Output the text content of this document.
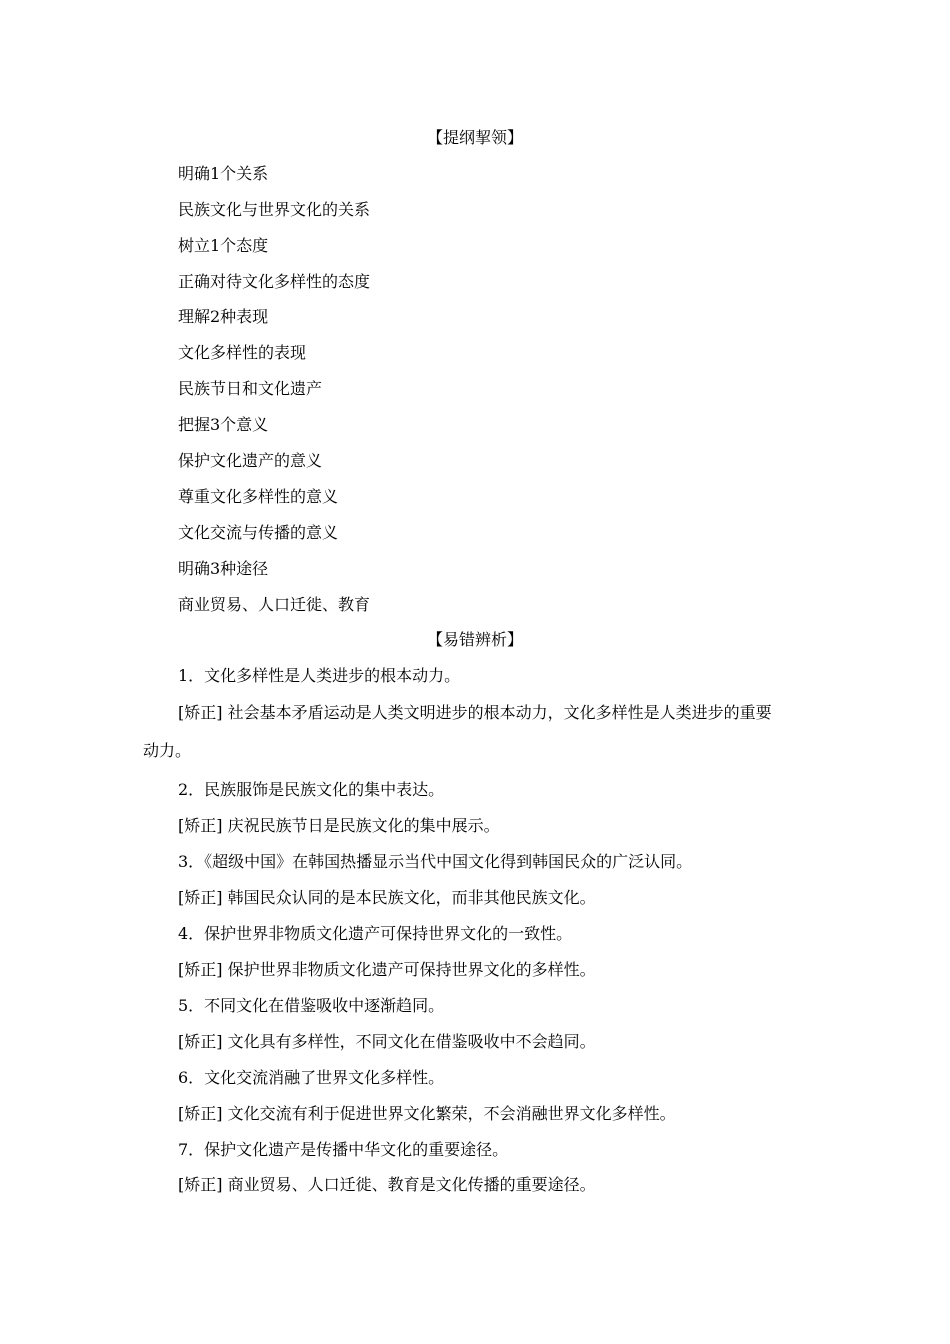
【提纲挈领】
明确1个关系
民族文化与世界文化的关系
树立1个态度
正确对待文化多样性的态度
理解2种表现
文化多样性的表现
民族节日和文化遗产
把握3个意义
保护文化遗产的意义
尊重文化多样性的意义
文化交流与传播的意义
明确3种途径
商业贸易、人口迁徙、教育
【易错辨析】
1．文化多样性是人类进步的根本动力。
[矫正] 社会基本矛盾运动是人类文明进步的根本动力，文化多样性是人类进步的重要
动力。
2．民族服饰是民族文化的集中表达。
[矫正] 庆祝民族节日是民族文化的集中展示。
3．《超级中国》在韩国热播显示当代中国文化得到韩国民众的广泛认同。
[矫正] 韩国民众认同的是本民族文化，而非其他民族文化。
4．保护世界非物质文化遗产可保持世界文化的一致性。
[矫正] 保护世界非物质文化遗产可保持世界文化的多样性。
5．不同文化在借鉴吸收中逐渐趋同。
[矫正] 文化具有多样性，不同文化在借鉴吸收中不会趋同。
6．文化交流消融了世界文化多样性。
[矫正] 文化交流有利于促进世界文化繁荣，不会消融世界文化多样性。
7．保护文化遗产是传播中华文化的重要途径。
[矫正] 商业贸易、人口迁徙、教育是文化传播的重要途径。
